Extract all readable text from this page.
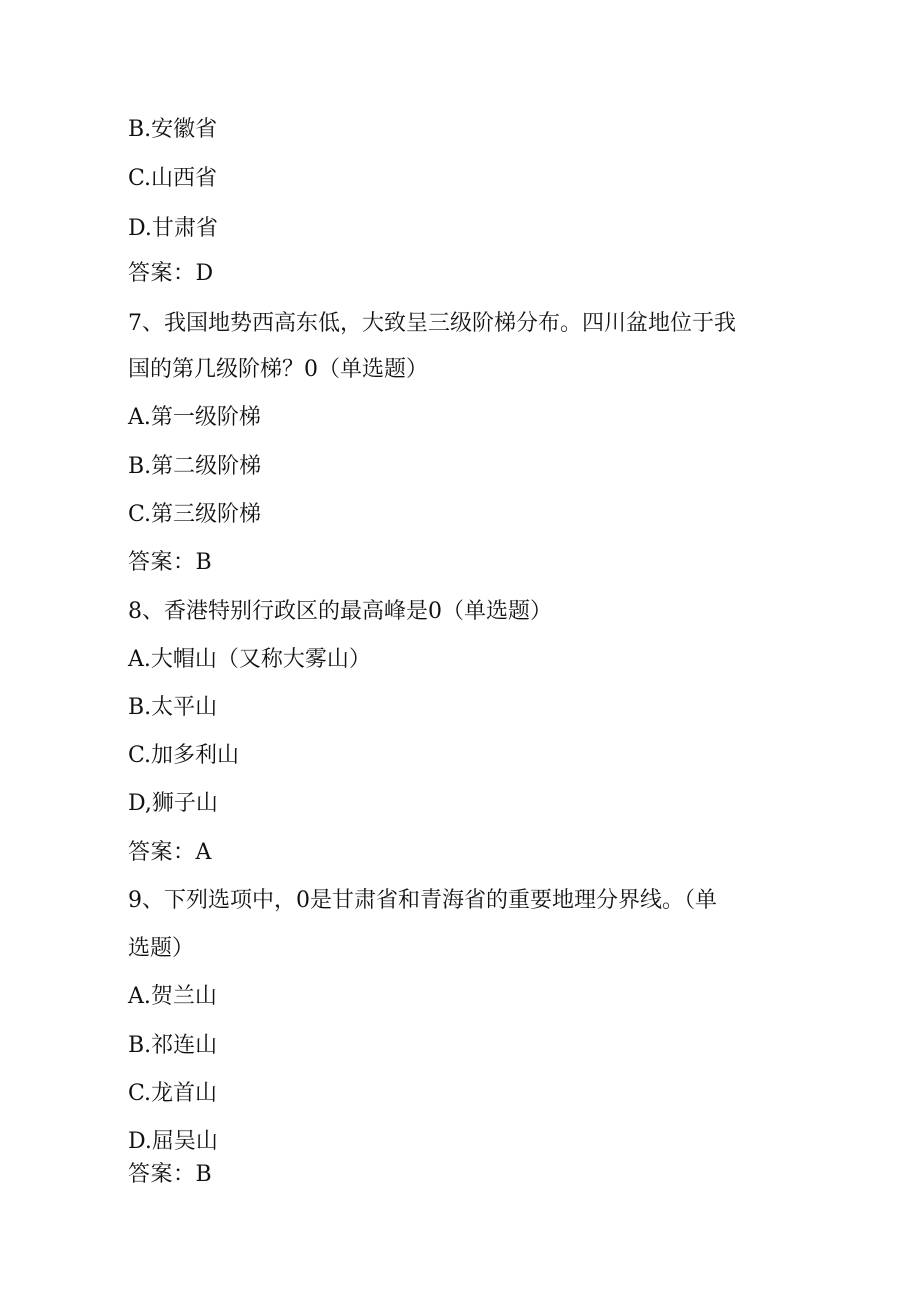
B.安徽省
C.山西省
D.甘肃省
答案：D
7、我国地势西高东低，大致呈三级阶梯分布。四川盆地位于我
国的第几级阶梯？0（单选题）
A.第一级阶梯
B.第二级阶梯
C.第三级阶梯
答案：B
8、香港特别行政区的最高峰是0（单选题）
A.大帽山（又称大雾山）
B.太平山
C.加多利山
D,狮子山
答案：A
9、下列选项中，0是甘肃省和青海省的重要地理分界线。（单
选题）
A.贺兰山
B.祁连山
C.龙首山
D.屈吴山
答案：B
